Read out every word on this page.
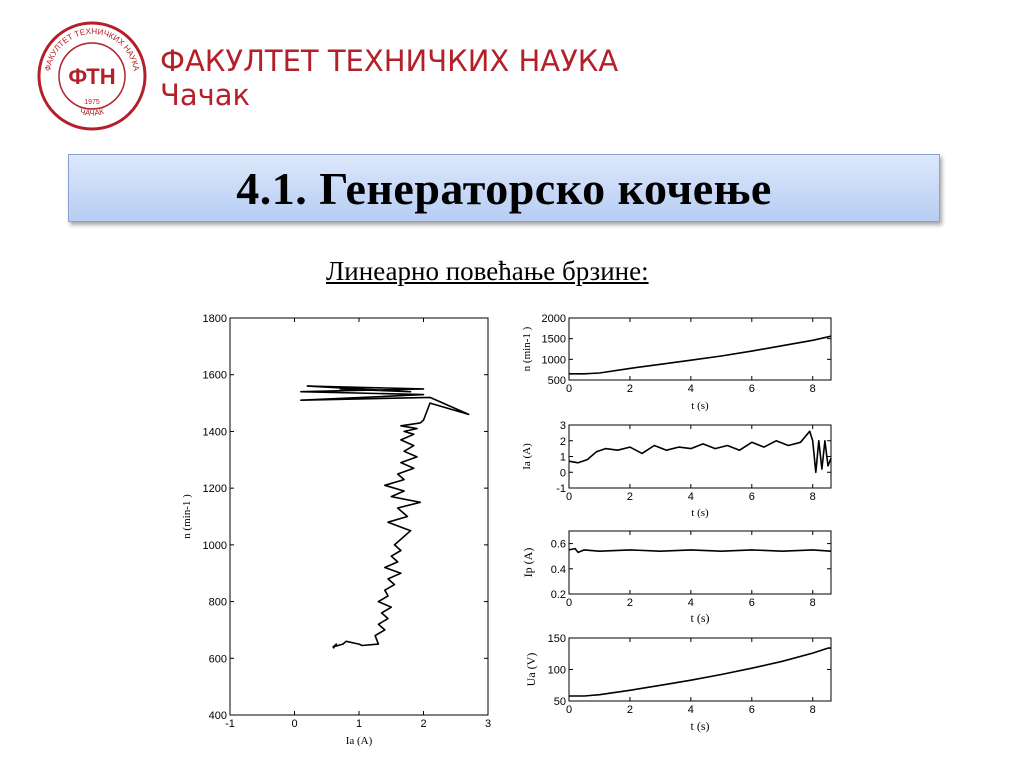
ФАКУЛТЕТ ТЕХНИЧКИХ НАУКА
ЧАЧАК
ФТН
1975
ФАКУЛТЕТ ТЕХНИЧКИХ НАУКА
Чачак
4.1. Генераторско кочење
Линеарно повећање брзине:
-1	0	1	2	3
400
600
800
1000
1200
1400
1600
1800
Ia (A)
n (min-1 )
0	2	4	6	8
500
1000
1500
2000
t (s)
n (min-1 )
0	2	4	6	8
-1
0
1
2
3
t (s)
Ia (A)
0	2	4	6	8
0.2
0.4
0.6
t (s)
Ip (A)
0	2	4	6	8
50
100
150
t (s)
Ua (V)
